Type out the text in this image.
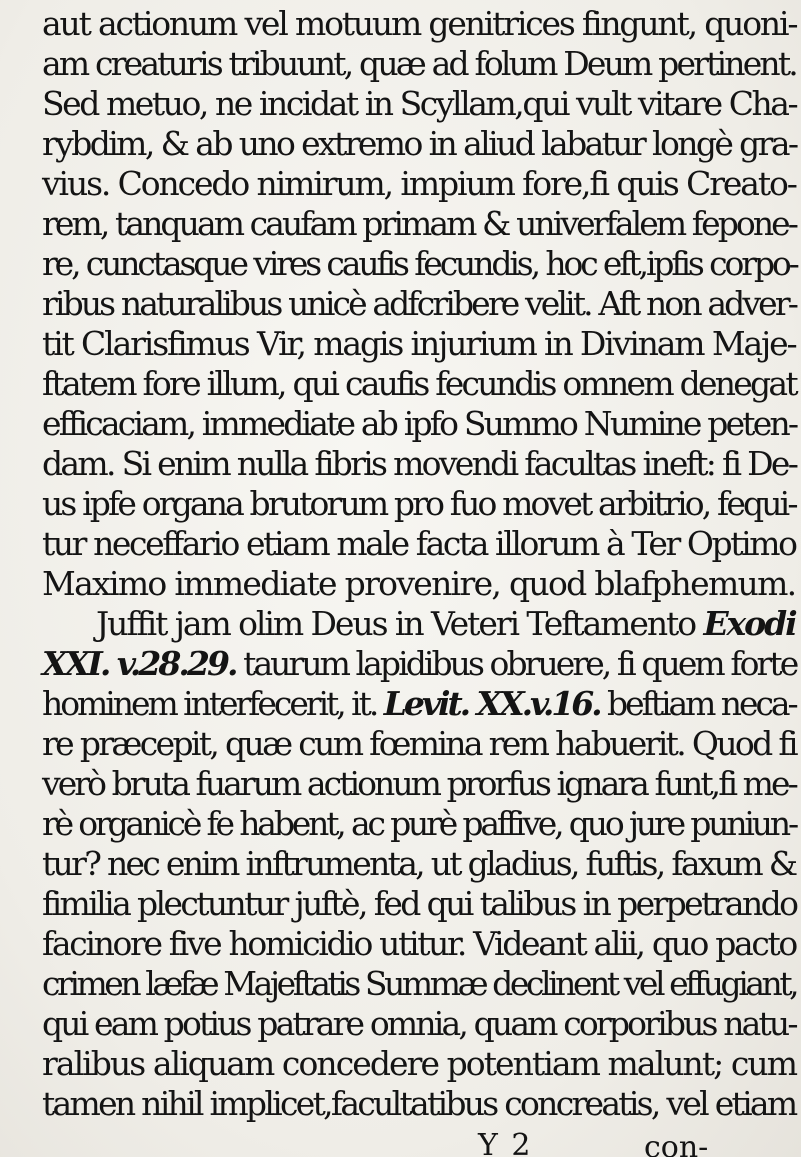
aut actionum vel motuum genitrices fingunt, quoni-
am creaturis tribuunt, quæ ad folum Deum pertinent.
Sed metuo, ne incidat in Scyllam,qui vult vitare Cha-
rybdim, & ab uno extremo in aliud labatur longè gra-
vius. Concedo nimirum, impium fore,fi quis Creato-
rem, tanquam caufam primam & univerfalem fepone-
re, cunctasque vires caufis fecundis, hoc eft,ipfis corpo-
ribus naturalibus unicè adfcribere velit. Aft non adver-
tit Clarisfimus Vir, magis injurium in Divinam Maje-
ftatem fore illum, qui caufis fecundis omnem denegat
efficaciam, immediate ab ipfo Summo Numine peten-
dam. Si enim nulla fibris movendi facultas ineft: fi De-
us ipfe organa brutorum pro fuo movet arbitrio, fequi-
tur neceffario etiam male facta illorum à Ter Optimo
Maximo immediate provenire, quod blafphemum.
Juffit jam olim Deus in Veteri Teftamento Exodi
XXI. v.28.29. taurum lapidibus obruere, fi quem forte
hominem interfecerit, it. Levit. XX.v.16. beftiam neca-
re præcepit, quæ cum fœmina rem habuerit. Quod fi
verò bruta fuarum actionum prorfus ignara funt,fi me-
rè organicè fe habent, ac purè paffive, quo jure puniun-
tur? nec enim inftrumenta, ut gladius, fuftis, faxum &
fimilia plectuntur juftè, fed qui talibus in perpetrando
facinore five homicidio utitur. Videant alii, quo pacto
crimen læfæ Majeftatis Summæ declinent vel effugiant,
qui eam potius patrare omnia, quam corporibus natu-
ralibus aliquam concedere potentiam malunt; cum
tamen nihil implicet,facultatibus concreatis, vel etiam
Y 2	con-
